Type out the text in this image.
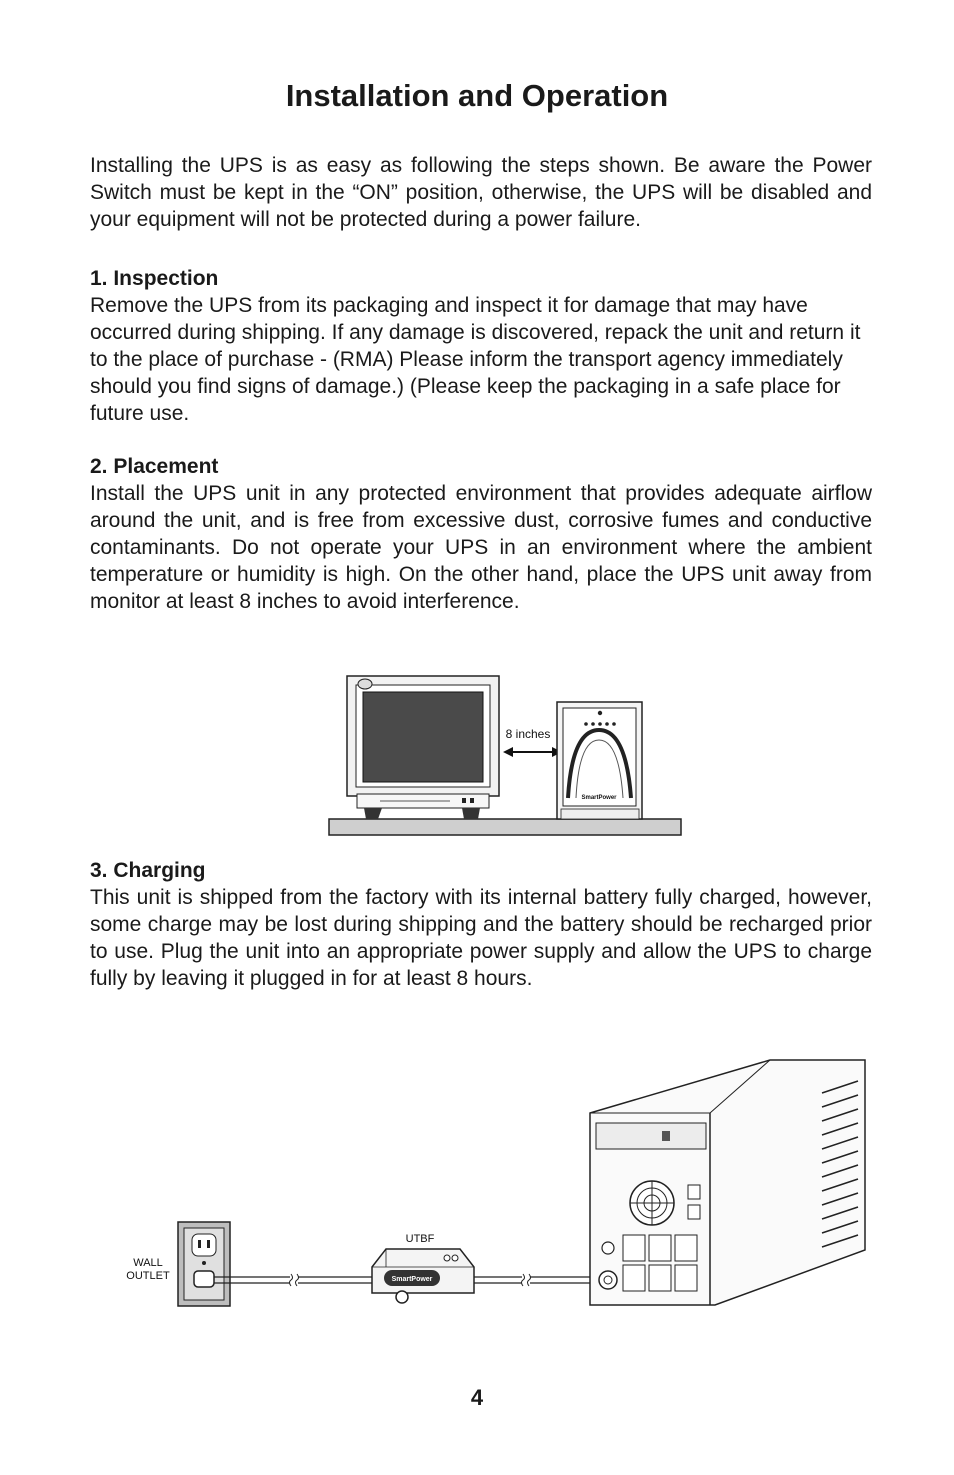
Installation and Operation

Installing the UPS is as easy as following the steps shown. Be aware the Power Switch must be kept in the “ON” position, otherwise, the UPS will be disabled and your equipment will not be protected during a power failure.

1. Inspection

Remove the UPS from its packaging and inspect it for damage that may have occurred during shipping. If any damage is discovered, repack the unit and return it to the place of purchase - (RMA) Please inform the transport agency immediately should you find signs of damage.) (Please keep the packaging in a safe place for future use.

2. Placement

Install the UPS unit in any protected environment that provides adequate airflow around the unit, and is free from excessive dust, corrosive fumes and conductive contaminants. Do not operate your UPS in an environment where the ambient temperature or humidity is high. On the other hand, place the UPS unit away from monitor at least 8 inches to avoid interference.

8 inches
SmartPower

3. Charging

This unit is shipped from the factory with its internal battery fully charged, however, some charge may be lost during shipping and the battery should be recharged prior to use. Plug the unit into an appropriate power supply and allow the UPS to charge fully by leaving it plugged in for at least 8 hours.

WALL
OUTLET
UTBF
SmartPower
4
